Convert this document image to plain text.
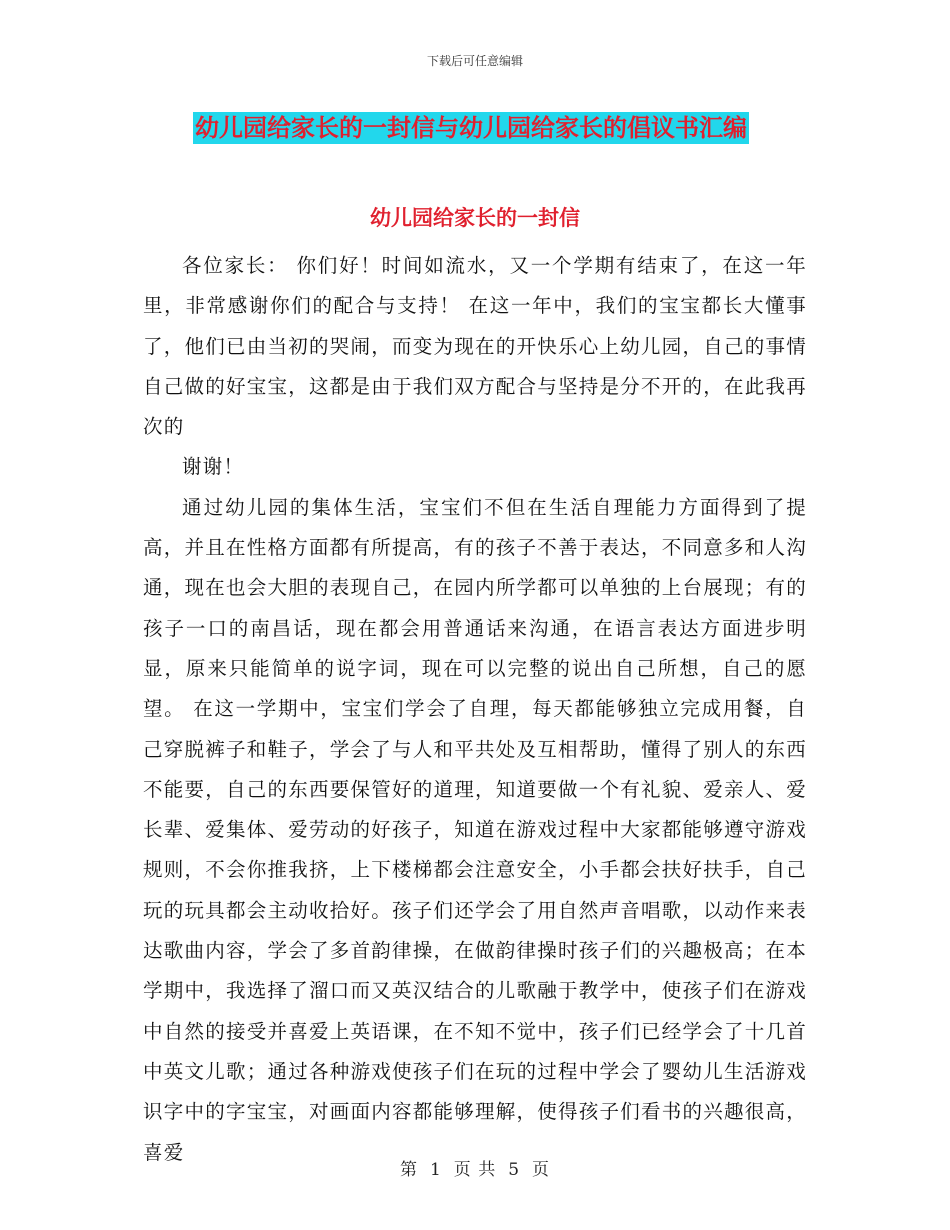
下载后可任意编辑
幼儿园给家长的一封信与幼儿园给家长的倡议书汇编
幼儿园给家长的一封信

各位家长： 你们好！时间如流水，又一个学期有结束了，在这一年里，非常感谢你们的配合与支持！ 在这一年中，我们的宝宝都长大懂事了，他们已由当初的哭闹，而变为现在的开快乐心上幼儿园，自己的事情自己做的好宝宝，这都是由于我们双方配合与坚持是分不开的，在此我再次的

谢谢！

通过幼儿园的集体生活，宝宝们不但在生活自理能力方面得到了提高，并且在性格方面都有所提高，有的孩子不善于表达，不同意多和人沟通，现在也会大胆的表现自己，在园内所学都可以单独的上台展现；有的孩子一口的南昌话，现在都会用普通话来沟通，在语言表达方面进步明显，原来只能简单的说字词，现在可以完整的说出自己所想，自己的愿望。 在这一学期中，宝宝们学会了自理，每天都能够独立完成用餐，自己穿脱裤子和鞋子，学会了与人和平共处及互相帮助，懂得了别人的东西不能要，自己的东西要保管好的道理，知道要做一个有礼貌、爱亲人、爱长辈、爱集体、爱劳动的好孩子，知道在游戏过程中大家都能够遵守游戏规则，不会你推我挤，上下楼梯都会注意安全，小手都会扶好扶手，自己玩的玩具都会主动收拾好。孩子们还学会了用自然声音唱歌，以动作来表达歌曲内容，学会了多首韵律操，在做韵律操时孩子们的兴趣极高；在本学期中，我选择了溜口而又英汉结合的儿歌融于教学中，使孩子们在游戏中自然的接受并喜爱上英语课，在不知不觉中，孩子们已经学会了十几首中英文儿歌；通过各种游戏使孩子们在玩的过程中学会了婴幼儿生活游戏识字中的字宝宝，对画面内容都能够理解，使得孩子们看书的兴趣很高，喜爱

第 1 页 共 5 页
